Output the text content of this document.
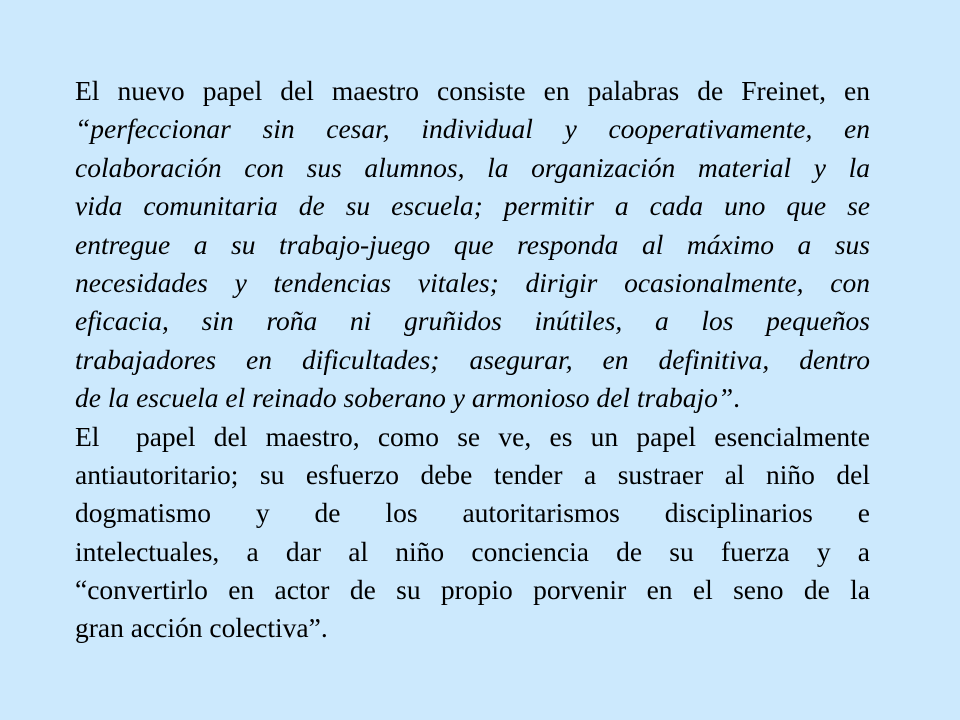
El nuevo papel del maestro consiste en palabras de Freinet, en
“perfeccionar sin cesar, individual y cooperativamente, en
colaboración con sus alumnos, la organización material y la
vida comunitaria de su escuela; permitir a cada uno que se
entregue a su trabajo-juego que responda al máximo a sus
necesidades y tendencias vitales; dirigir ocasionalmente, con
eficacia, sin roña ni gruñidos inútiles, a los pequeños
trabajadores en dificultades; asegurar, en definitiva, dentro
de la escuela el reinado soberano y armonioso del trabajo”.
El  papel del maestro, como se ve, es un papel esencialmente
antiautoritario; su esfuerzo debe tender a sustraer al niño del
dogmatismo y de los autoritarismos disciplinarios e
intelectuales, a dar al niño conciencia de su fuerza y a
“convertirlo en actor de su propio porvenir en el seno de la
gran acción colectiva”.
